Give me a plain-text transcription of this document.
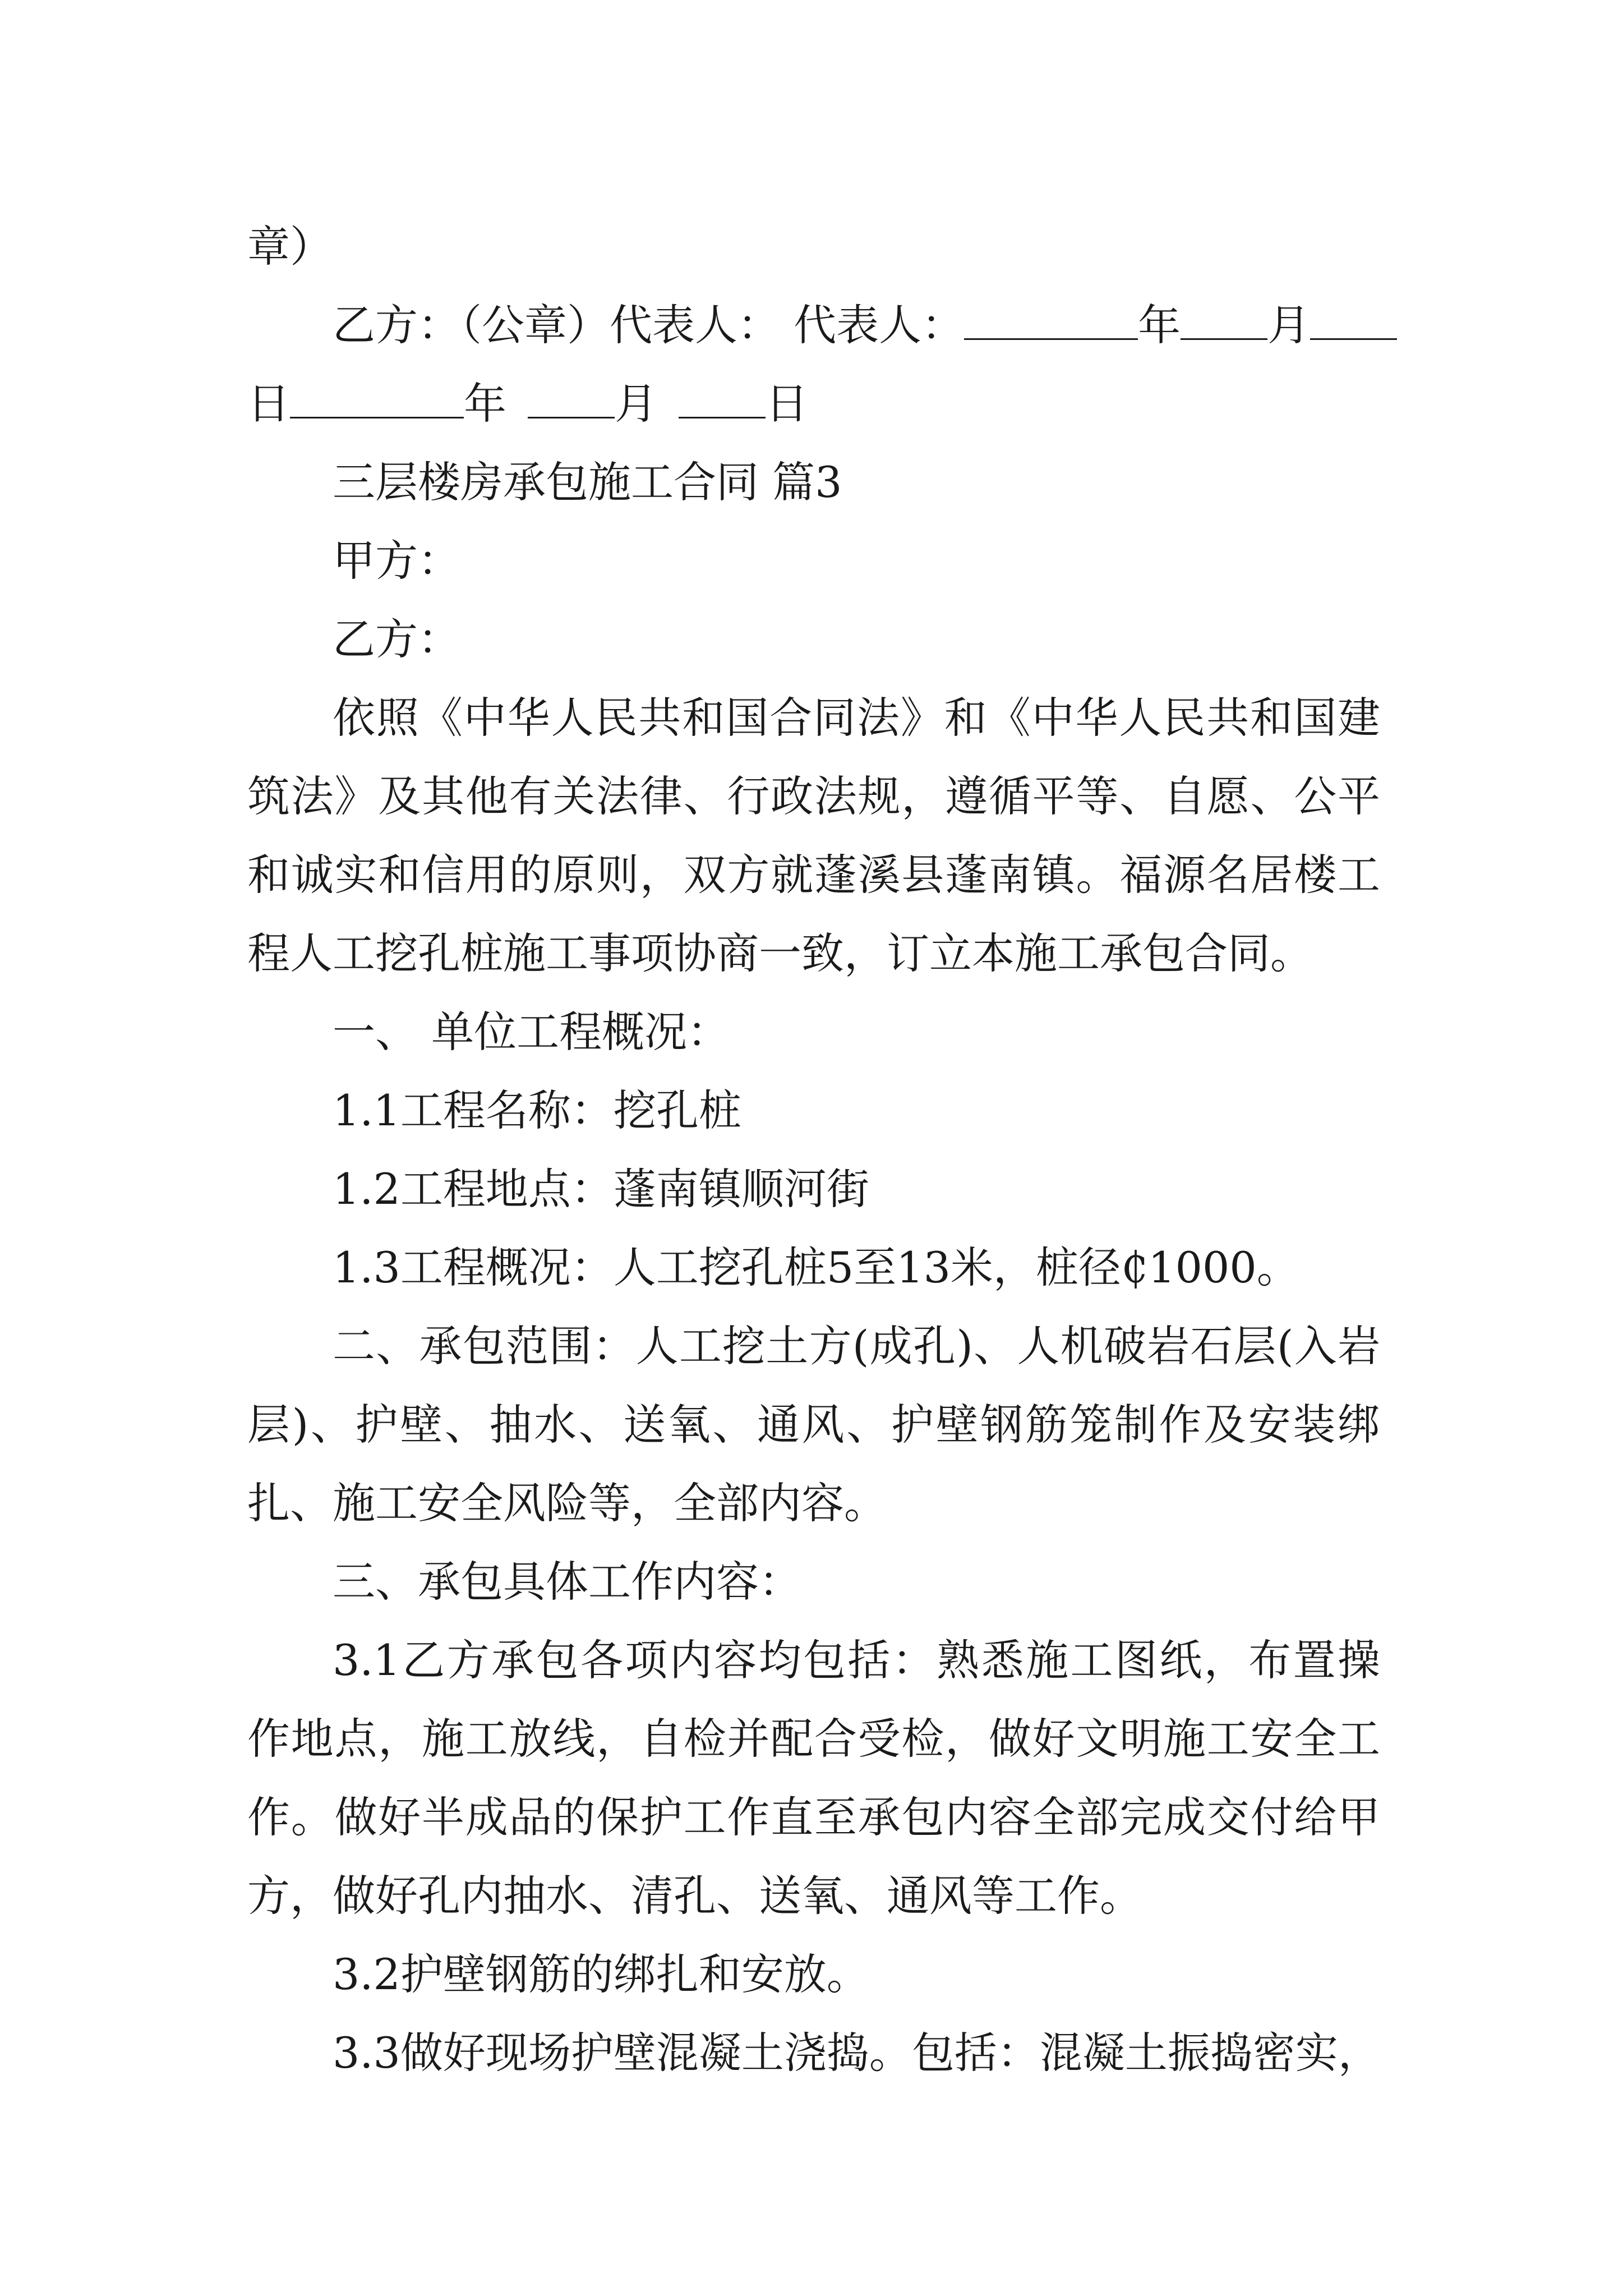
章）
乙方：（公章）代表人： 代表人：	年 月
日	年	月	日
三层楼房承包施工合同 篇3
甲方：
乙方：
依照《中华人民共和国合同法》和《中华人民共和国建筑法》及其他有关法律、行政法规，遵循平等、自愿、公平和诚实和信用的原则，双方就蓬溪县蓬南镇。福源名居楼工程人工挖孔桩施工事项协商一致，订立本施工承包合同。
一、 单位工程概况：
1.1工程名称：挖孔桩
1.2工程地点：蓬南镇顺河街
1.3工程概况：人工挖孔桩5至13米，桩径₵1000。
二、承包范围：人工挖土方(成孔)、人机破岩石层(入岩层)、护壁、抽水、送氧、通风、护壁钢筋笼制作及安装绑扎、施工安全风险等，全部内容。
三、承包具体工作内容：
3.1乙方承包各项内容均包括：熟悉施工图纸，布置操作地点，施工放线，自检并配合受检，做好文明施工安全工作。做好半成品的保护工作直至承包内容全部完成交付给甲方，做好孔内抽水、清孔、送氧、通风等工作。
3.2护壁钢筋的绑扎和安放。
3.3做好现场护壁混凝土浇捣。包括：混凝土振捣密实，
